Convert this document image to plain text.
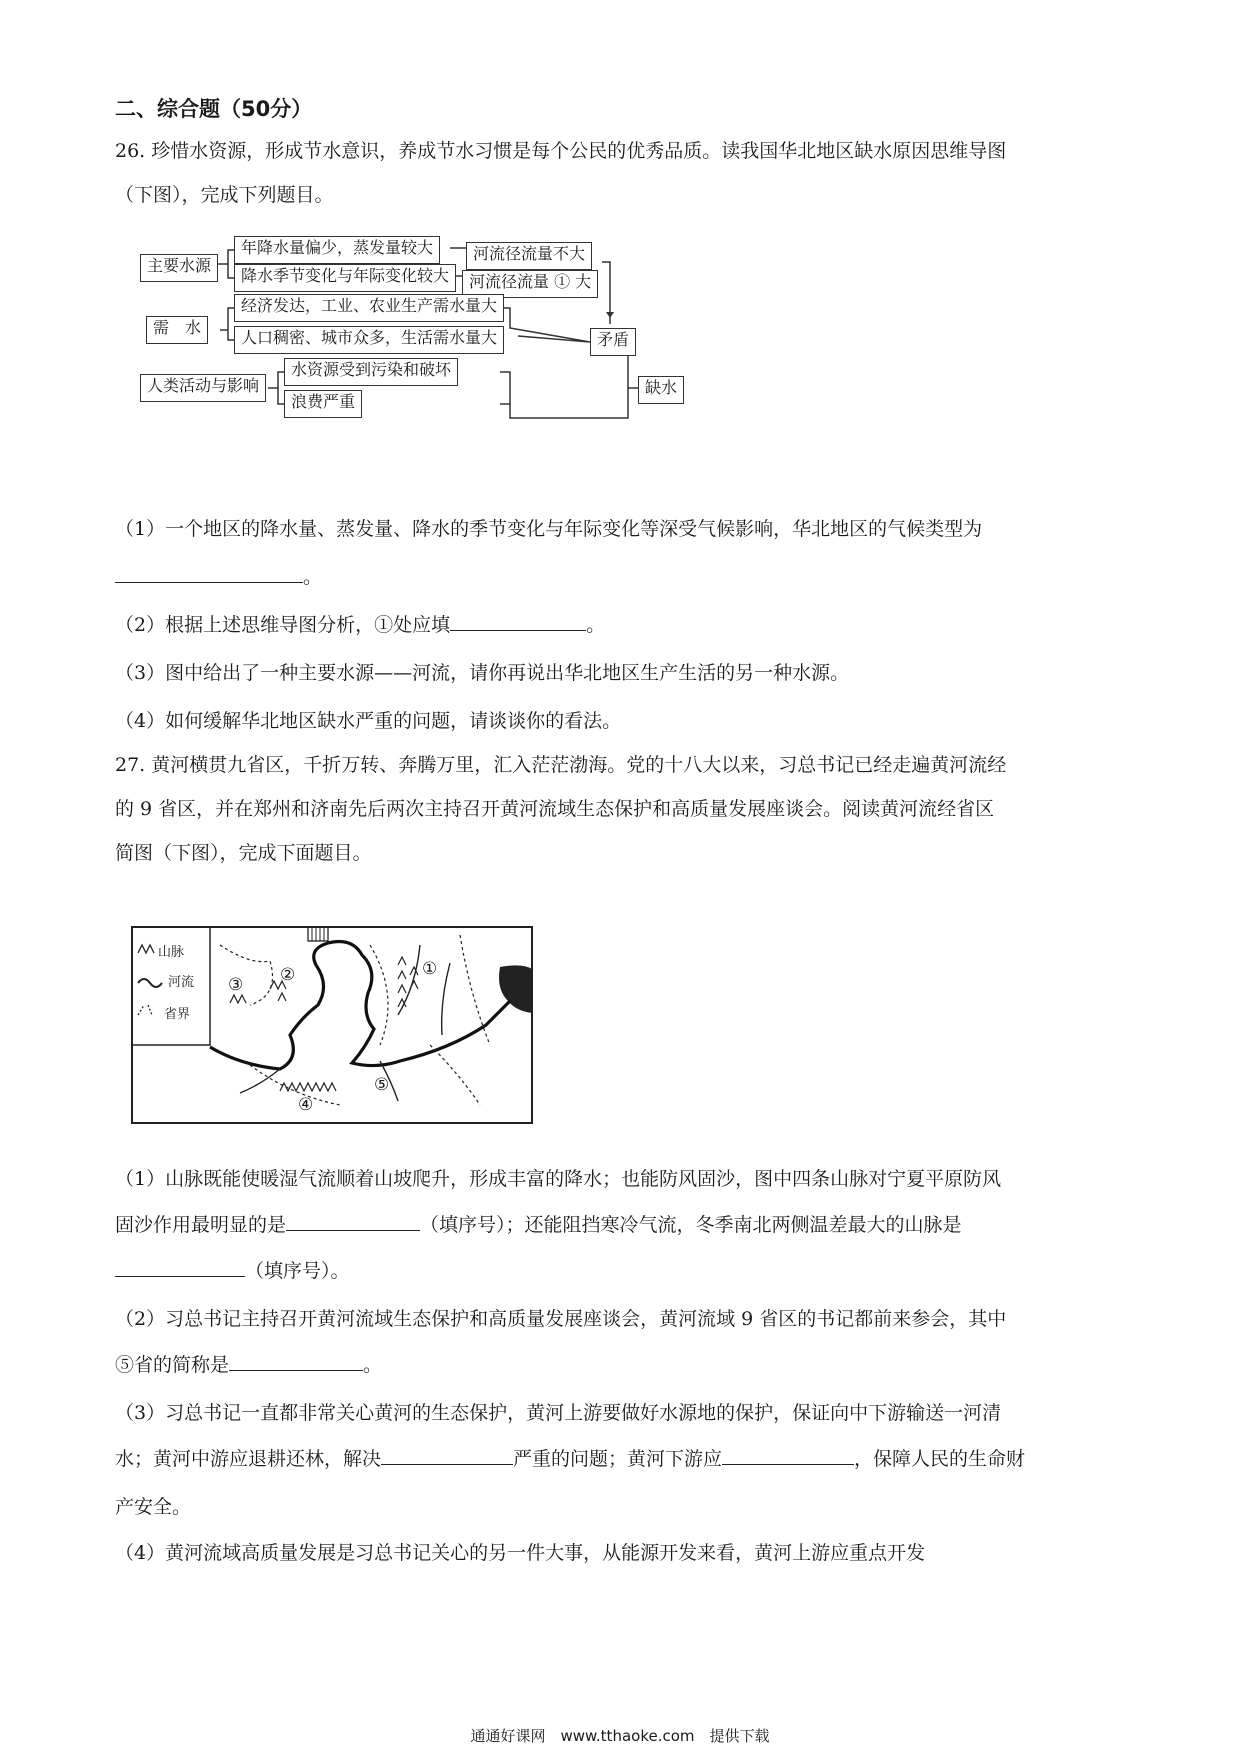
二、综合题（50分）
26. 珍惜水资源，形成节水意识，养成节水习惯是每个公民的优秀品质。读我国华北地区缺水原因思维导图
（下图），完成下列题目。
主要水源
年降水量偏少，蒸发量较大
降水季节变化与年际变化较大
河流径流量不大
河流径流量 ① 大
需　水
经济发达，工业、农业生产需水量大
人口稠密、城市众多，生活需水量大	矛盾
人类活动与影响
水资源受到污染和破坏
浪费严重
缺水
（1）一个地区的降水量、蒸发量、降水的季节变化与年际变化等深受气候影响，华北地区的气候类型为
。
（2）根据上述思维导图分析，①处应填	。
（3）图中给出了一种主要水源——河流，请你再说出华北地区生产生活的另一种水源。
（4）如何缓解华北地区缺水严重的问题，请谈谈你的看法。
27. 黄河横贯九省区，千折万转、奔腾万里，汇入茫茫渤海。党的十八大以来，习总书记已经走遍黄河流经
的 9 省区，并在郑州和济南先后两次主持召开黄河流域生态保护和高质量发展座谈会。阅读黄河流经省区
简图（下图），完成下面题目。
山脉
河流
省界
①
②
③
④
⑤
（1）山脉既能使暖湿气流顺着山坡爬升，形成丰富的降水；也能防风固沙，图中四条山脉对宁夏平原防风
固沙作用最明显的是	（填序号）；还能阻挡寒冷气流，冬季南北两侧温差最大的山脉是
（填序号）。
（2）习总书记主持召开黄河流域生态保护和高质量发展座谈会，黄河流域 9 省区的书记都前来参会，其中
⑤省的简称是	。
（3）习总书记一直都非常关心黄河的生态保护，黄河上游要做好水源地的保护，保证向中下游输送一河清
水；黄河中游应退耕还林，解决	严重的问题；黄河下游应	，保障人民的生命财
产安全。
（4）黄河流域高质量发展是习总书记关心的另一件大事，从能源开发来看，黄河上游应重点开发
通通好课网　www.tthaoke.com　提供下载
